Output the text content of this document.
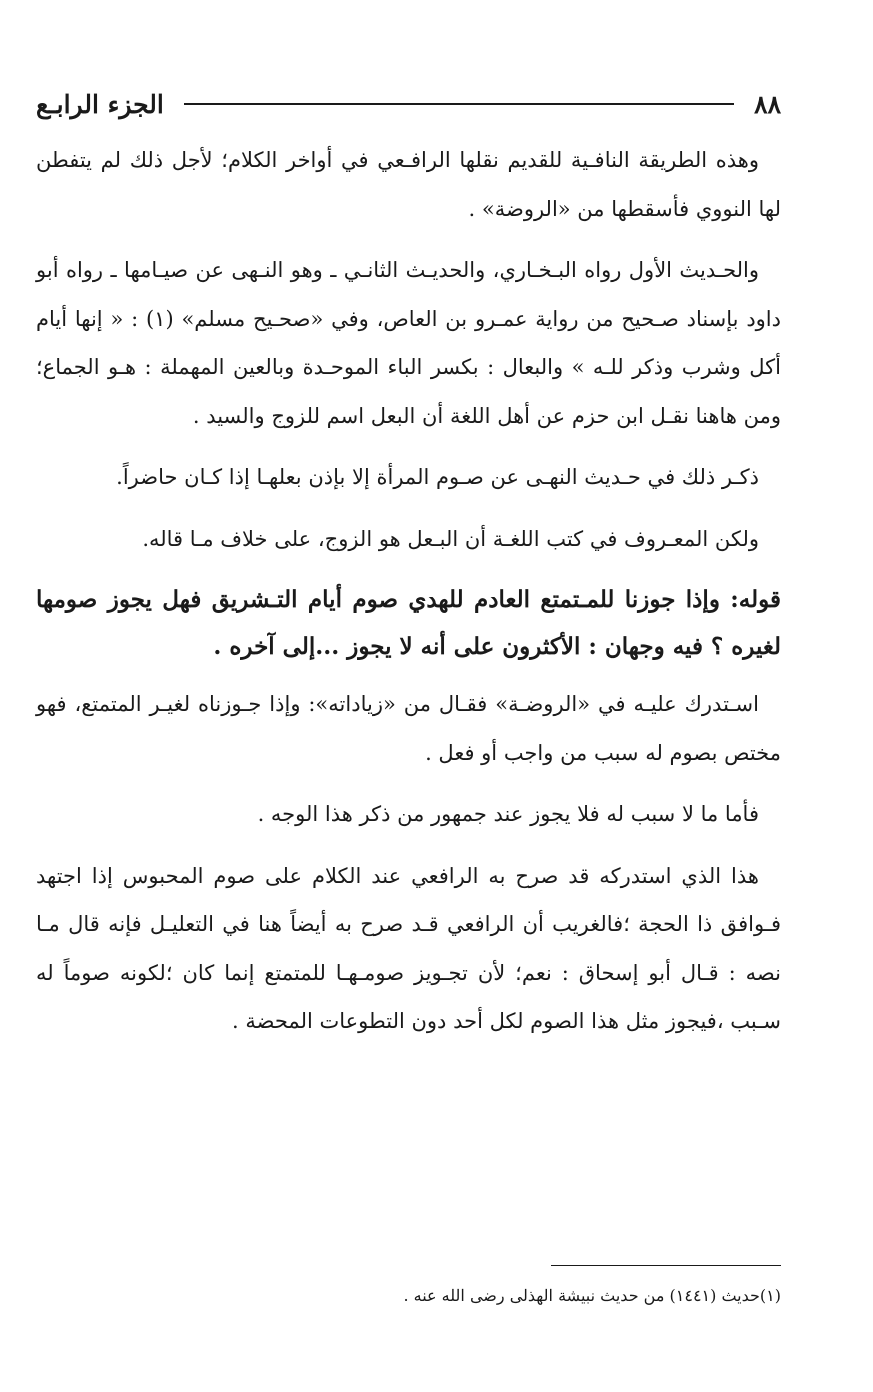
٨٨
الجزء الرابـع

وهذه الطريقة النافـية للقديم نقلها الرافـعي في أواخر الكلام؛ لأجل ذلك لم يتفطن لها النووي فأسقطها من «الروضة» .

والحـديث الأول رواه البـخـاري، والحديـث الثانـي ـ وهو النـهى عن صيـامها ـ رواه أبو داود بإسناد صـحيح من رواية عمـرو بن العاص، وفي «صحـيح مسلم» (١) : « إنها أيام أكل وشرب وذكر للـه » والبعال : بكسر الباء الموحـدة وبالعين المهملة : هـو الجماع؛ ومن هاهنا نقـل ابن حزم عن أهل اللغة أن البعل اسم للزوج والسيد .

ذكـر ذلك في حـديث النهـى عن صـوم المرأة إلا بإذن بعلهـا إذا كـان حاضراً.

ولكن المعـروف في كتب اللغـة أن البـعل هو الزوج، على خلاف مـا قاله.

قوله: وإذا جوزنا للمـتمتع العادم للهدي صوم أيام التـشريق فهل يجوز صومها لغيره ؟ فيه وجهان : الأكثرون على أنه لا يجوز ...إلى آخره .

اسـتدرك عليـه في «الروضـة» فقـال من «زياداته»: وإذا جـوزناه لغيـر المتمتع، فهو مختص بصوم له سبب من واجب أو فعل .

فأما ما لا سبب له فلا يجوز عند جمهور من ذكر هذا الوجه .

هذا الذي استدركه قد صرح به الرافعي عند الكلام على صوم المحبوس إذا اجتهد فـوافق ذا الحجة ؛فالغريب أن الرافعي قـد صرح به أيضاً هنا في التعليـل فإنه قال مـا نصه : قـال أبو إسحاق : نعم؛ لأن تجـويز صومـهـا للمتمتع إنما كان ؛لكونه صوماً له سـبب ،فيجوز مثل هذا الصوم لكل أحد دون التطوعات المحضة .

(١)حديث (١٤٤١) من حديث نبيشة الهذلى رضى الله عنه .
